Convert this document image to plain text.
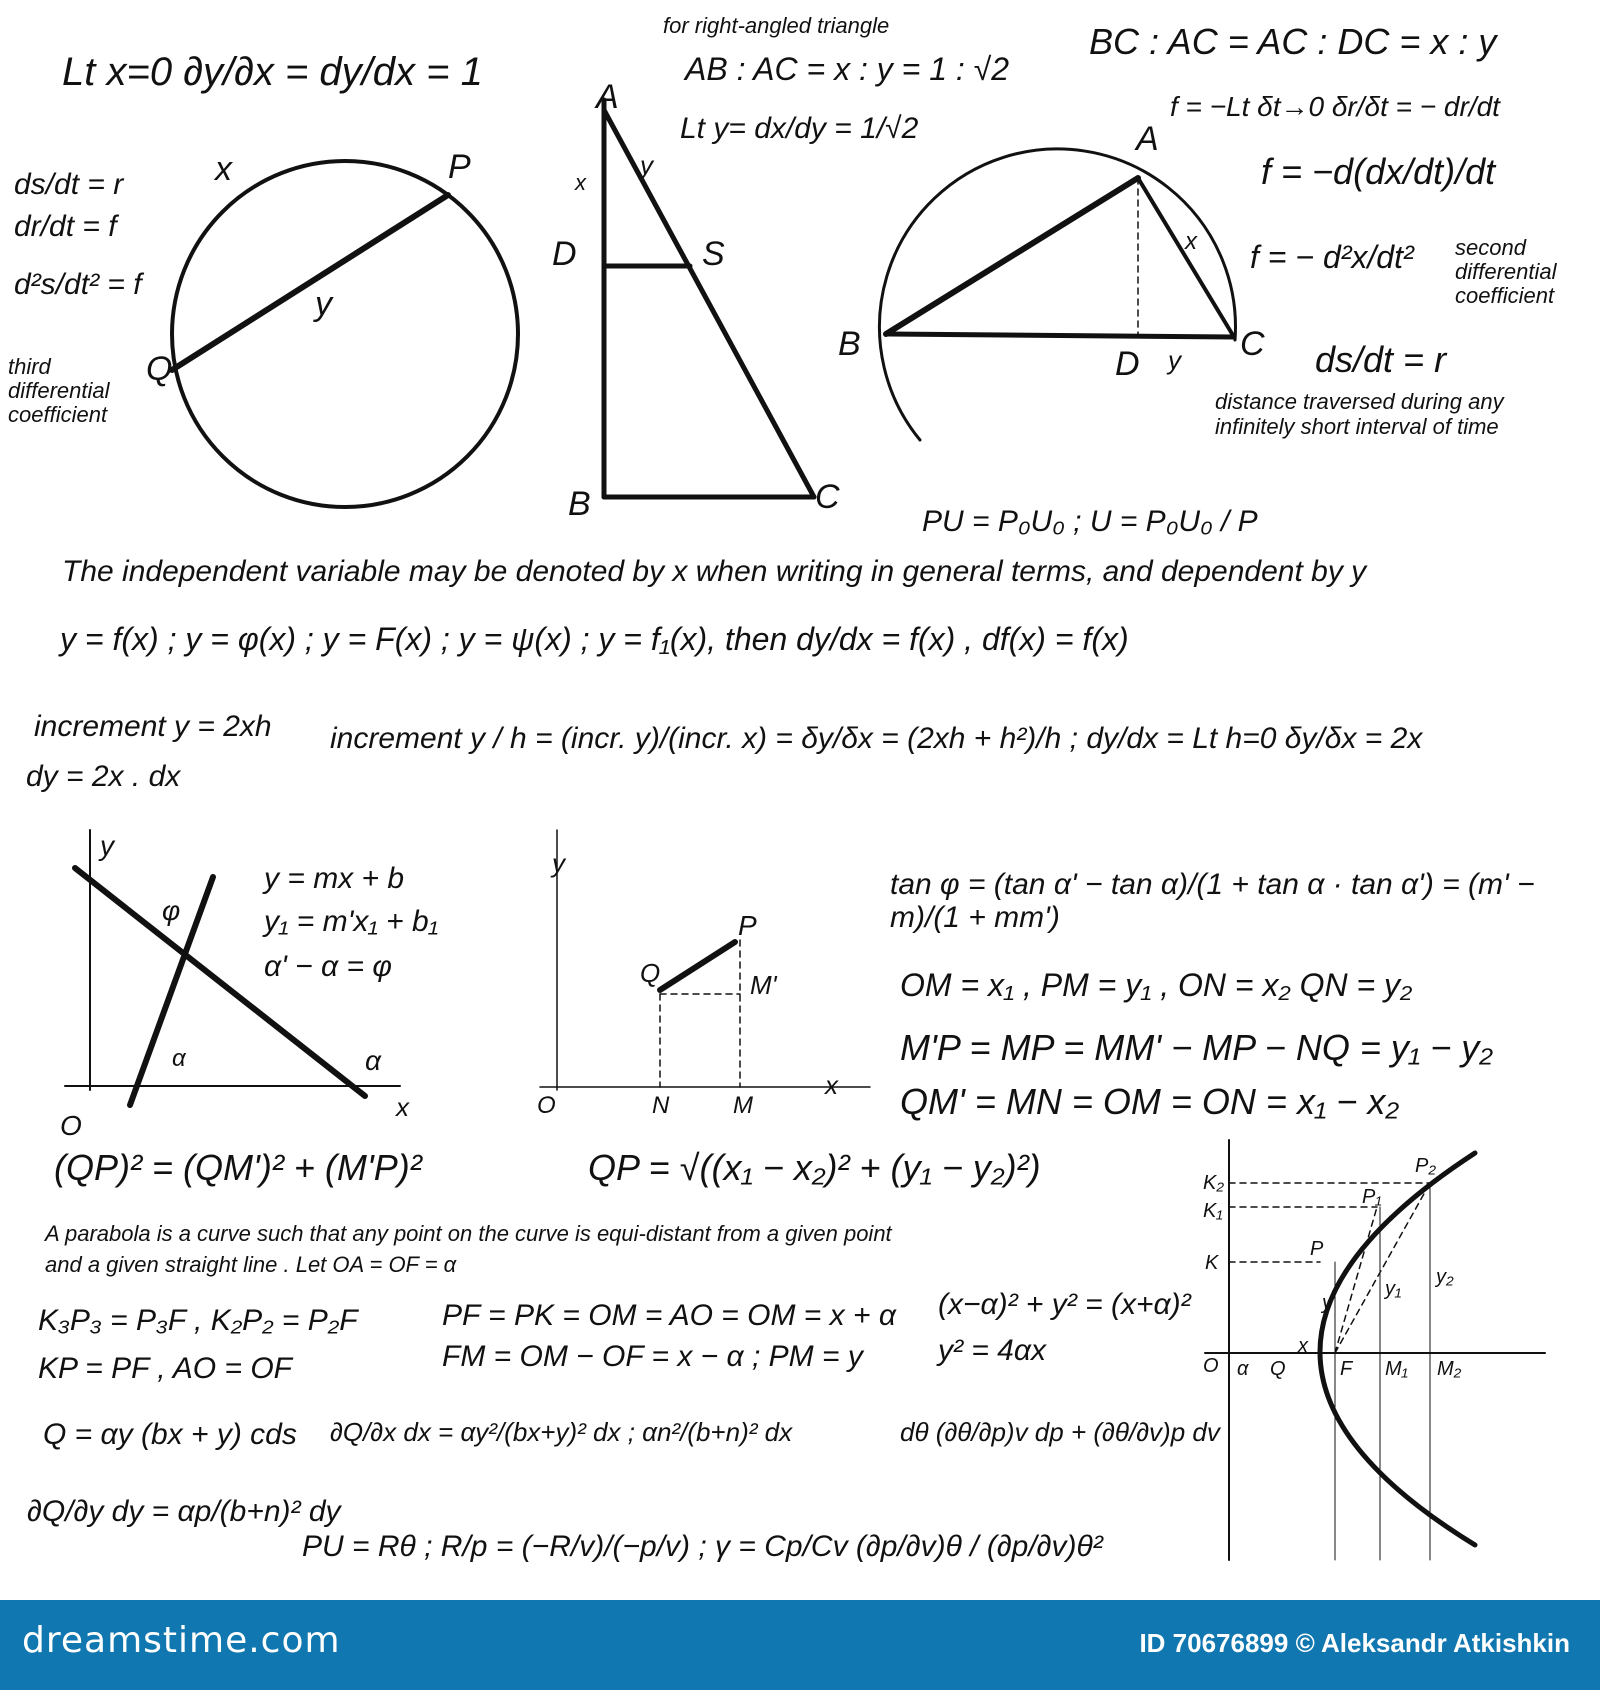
Lt x=0 ∂y/∂x = dy/dx = 1
for right-angled triangle
AB : AC = x : y = 1 : √2
Lt y= dx/dy = 1/√2
BC : AC = AC : DC = x : y
f = −Lt δt→0 δr/δt = − dr/dt
f = −d(dx/dt)/dt
f = − d²x/dt² second differential coefficient
ds/dt = r
distance traversed during any
infinitely short interval of time
ds/dt = r
dr/dt = f
d²s/dt² = f
third differential coefficient
PU = P₀U₀ ; U = P₀U₀ / P
The independent variable may be denoted by x when writing in general terms, and dependent by y
y = f(x) ; y = φ(x) ; y = F(x) ; y = ψ(x) ; y = f₁(x), then dy/dx = f(x) , df(x) = f(x)
increment y = 2xh
dy = 2x . dx
increment y / h = (incr. y)/(incr. x) = δy/δx = (2xh + h²)/h ; dy/dx = Lt h=0 δy/δx = 2x
y = mx + b
y₁ = m'x₁ + b₁
α' − α = φ
tan φ = (tan α' − tan α)/(1 + tan α · tan α') = (m' − m)/(1 + mm')
OM = x₁ , PM = y₁ , ON = x₂ QN = y₂
M'P = MP = MM' − MP − NQ = y₁ − y₂
QM' = MN = OM = ON = x₁ − x₂
(QP)² = (QM')² + (M'P)²	QP = √((x₁ − x₂)² + (y₁ − y₂)²)
A parabola is a curve such that any point on the curve is equi-distant from a given point
and a given straight line . Let OA = OF = α
K₃P₃ = P₃F , K₂P₂ = P₂F
KP = PF , AO = OF
PF = PK = OM = AO = OM = x + α
FM = OM − OF = x − α ; PM = y
(x−α)² + y² = (x+α)²
y² = 4αx
Q = αy (bx + y) cds ∂Q/∂x dx = αy²/(bx+y)² dx ; αn²/(b+n)² dx	dθ (∂θ/∂p)v dp + (∂θ/∂v)p dv
∂Q/∂y dy = αp/(b+n)² dy
PU = Rθ ; R/p = (−R/v)/(−p/v) ; γ = Cp/Cv (∂p/∂v)θ / (∂p/∂v)θ²
x	P
y
Q
A
x
y
D	S
B	C
A
x
B
D y C
y
φ
α	α
O
x
y
P
Q	M'
O	N	M
x
K₂
K₁
K
P₂
P₁
P
y
y₁
y₂
O α Q
x
F M₁ M₂
dreamstime.com	ID 70676899 © Aleksandr Atkishkin
